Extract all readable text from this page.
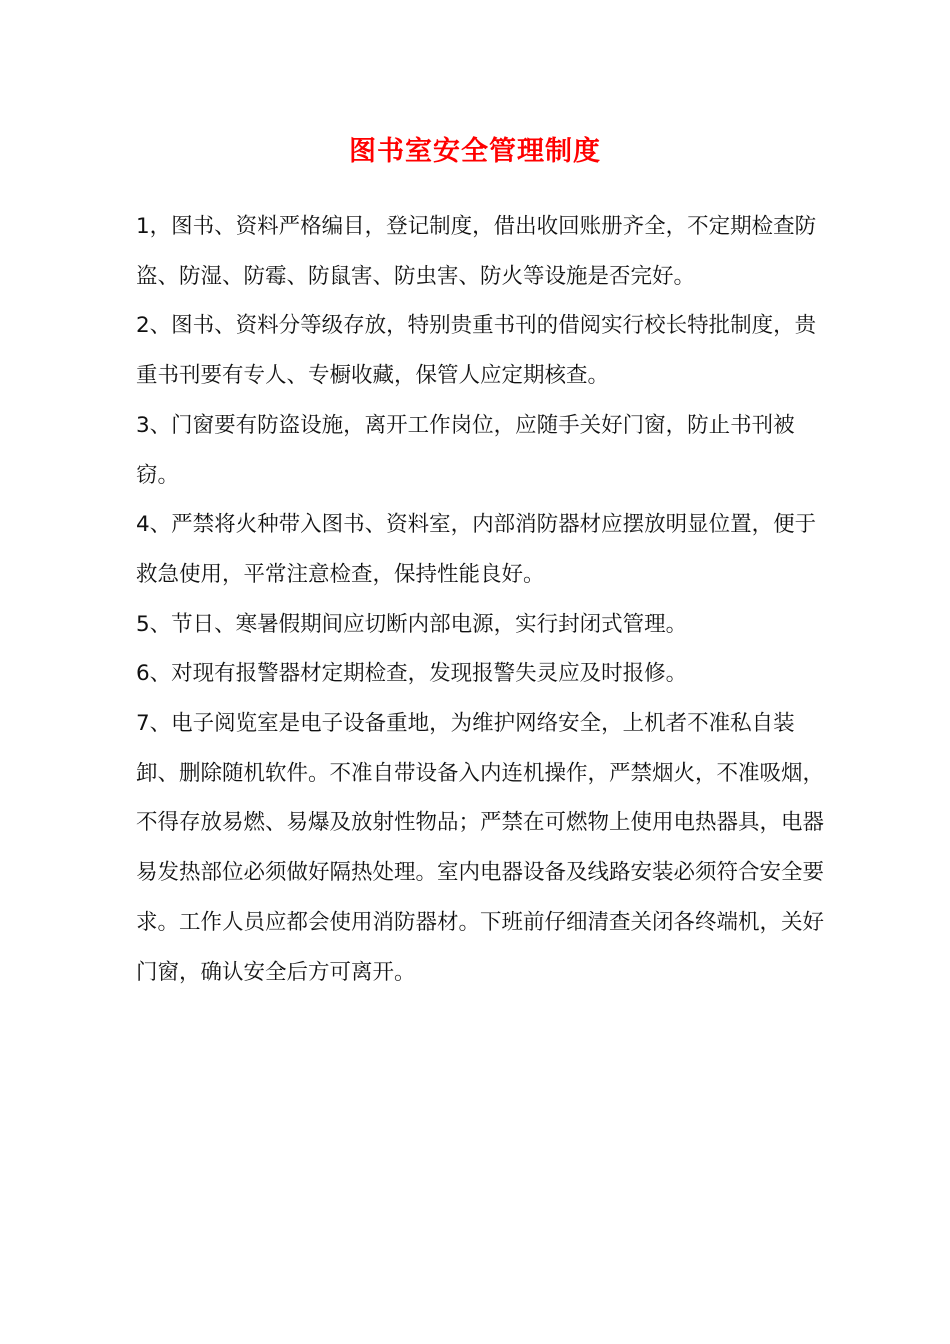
图书室安全管理制度

1，图书、资料严格编目，登记制度，借出收回账册齐全，不定期检查防盗、防湿、防霉、防鼠害、防虫害、防火等设施是否完好。

2、图书、资料分等级存放，特别贵重书刊的借阅实行校长特批制度，贵重书刊要有专人、专橱收藏，保管人应定期核查。

3、门窗要有防盗设施，离开工作岗位，应随手关好门窗，防止书刊被窃。

4、严禁将火种带入图书、资料室，内部消防器材应摆放明显位置，便于救急使用，平常注意检查，保持性能良好。

5、节日、寒暑假期间应切断内部电源，实行封闭式管理。

6、对现有报警器材定期检查，发现报警失灵应及时报修。

7、电子阅览室是电子设备重地，为维护网络安全，上机者不准私自装卸、删除随机软件。不准自带设备入内连机操作，严禁烟火，不准吸烟，不得存放易燃、易爆及放射性物品；严禁在可燃物上使用电热器具，电器易发热部位必须做好隔热处理。室内电器设备及线路安装必须符合安全要求。工作人员应都会使用消防器材。下班前仔细清查关闭各终端机，关好门窗，确认安全后方可离开。
